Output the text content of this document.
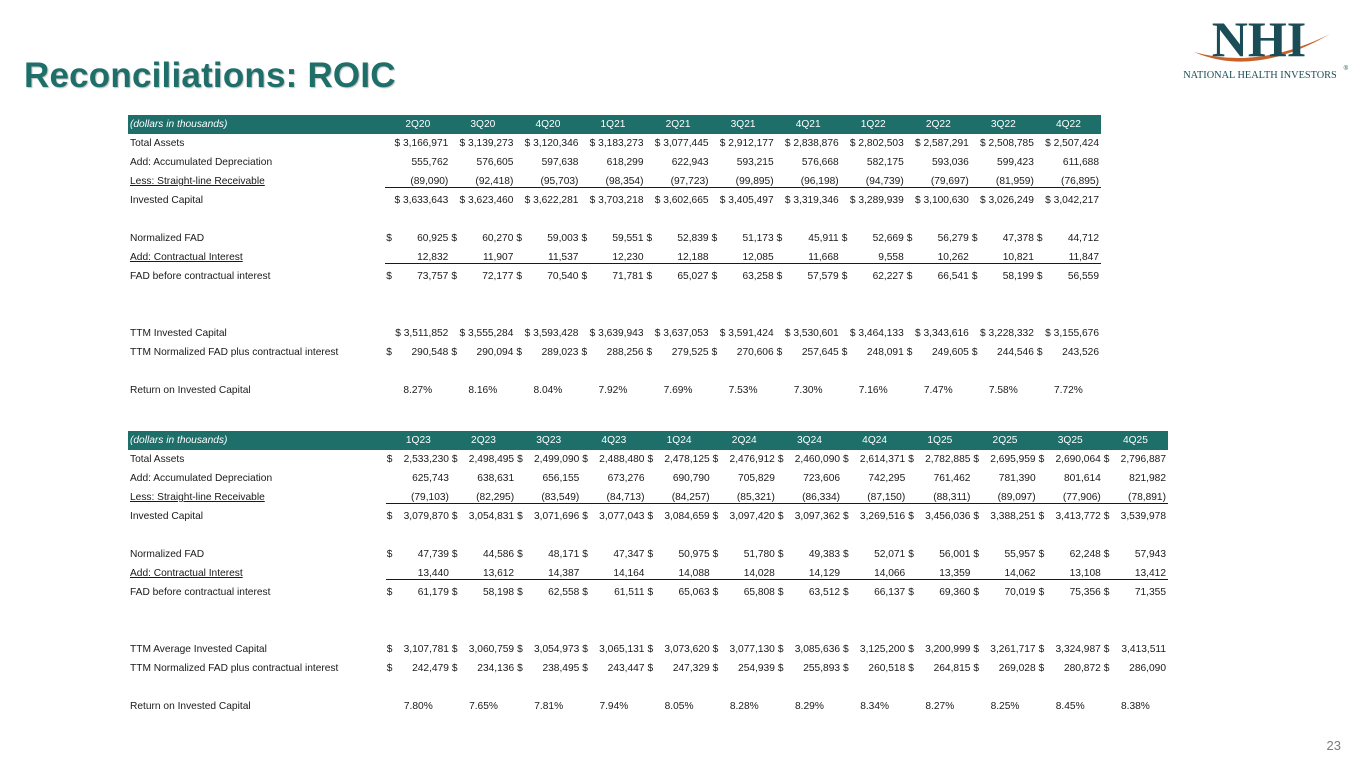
Reconciliations: ROIC
NHI
NATIONAL HEALTH INVESTORS
®
(dollars in thousands)	2Q20	3Q20	4Q20	1Q21	2Q21	3Q21	4Q21	1Q22	2Q22	3Q22	4Q22
Total Assets	$ 3,166,971	$ 3,139,273	$ 3,120,346	$ 3,183,273	$ 3,077,445	$ 2,912,177	$ 2,838,876	$ 2,802,503	$ 2,587,291	$ 2,508,785	$ 2,507,424

Add: Accumulated Depreciation	555,762	576,605	597,638	618,299	622,943	593,215	576,668	582,175	593,036	599,423	611,688

Less: Straight-line Receivable	(89,090)	(92,418)	(95,703)	(98,354)	(97,723)	(99,895)	(96,198)	(94,739)	(79,697)	(81,959)	(76,895)

Invested Capital	$ 3,633,643	$ 3,623,460	$ 3,622,281	$ 3,703,218	$ 3,602,665	$ 3,405,497	$ 3,319,346	$ 3,289,939	$ 3,100,630	$ 3,026,249	$ 3,042,217

Normalized FAD	$ 60,925	$ 60,270	$ 59,003	$ 59,551	$ 52,839	$ 51,173	$ 45,911	$ 52,669	$ 56,279	$ 47,378	$ 44,712

Add: Contractual Interest	12,832	11,907	11,537	12,230	12,188	12,085	11,668	9,558	10,262	10,821	11,847

FAD before contractual interest	$ 73,757	$ 72,177	$ 70,540	$ 71,781	$ 65,027	$ 63,258	$ 57,579	$ 62,227	$ 66,541	$ 58,199	$ 56,559

TTM Invested Capital	$ 3,511,852	$ 3,555,284	$ 3,593,428	$ 3,639,943	$ 3,637,053	$ 3,591,424	$ 3,530,601	$ 3,464,133	$ 3,343,616	$ 3,228,332	$ 3,155,676

TTM Normalized FAD plus contractual interest	$ 290,548	$ 290,094	$ 289,023	$ 288,256	$ 279,525	$ 270,606	$ 257,645	$ 248,091	$ 249,605	$ 244,546	$ 243,526

Return on Invested Capital	8.27%	8.16%	8.04%	7.92%	7.69%	7.53%	7.30%	7.16%	7.47%	7.58%	7.72%
(dollars in thousands)	1Q23	2Q23	3Q23	4Q23	1Q24	2Q24	3Q24	4Q24	1Q25	2Q25	3Q25	4Q25
Total Assets	$ 2,533,230	$ 2,498,495	$ 2,499,090	$ 2,488,480	$ 2,478,125	$ 2,476,912	$ 2,460,090	$ 2,614,371	$ 2,782,885	$ 2,695,959	$ 2,690,064	$ 2,796,887

Add: Accumulated Depreciation	625,743	638,631	656,155	673,276	690,790	705,829	723,606	742,295	761,462	781,390	801,614	821,982

Less: Straight-line Receivable	(79,103)	(82,295)	(83,549)	(84,713)	(84,257)	(85,321)	(86,334)	(87,150)	(88,311)	(89,097)	(77,906)	(78,891)

Invested Capital	$ 3,079,870	$ 3,054,831	$ 3,071,696	$ 3,077,043	$ 3,084,659	$ 3,097,420	$ 3,097,362	$ 3,269,516	$ 3,456,036	$ 3,388,251	$ 3,413,772	$ 3,539,978

Normalized FAD	$ 47,739	$ 44,586	$ 48,171	$ 47,347	$ 50,975	$ 51,780	$ 49,383	$ 52,071	$ 56,001	$ 55,957	$ 62,248	$ 57,943

Add: Contractual Interest	13,440	13,612	14,387	14,164	14,088	14,028	14,129	14,066	13,359	14,062	13,108	13,412

FAD before contractual interest	$ 61,179	$ 58,198	$ 62,558	$ 61,511	$ 65,063	$ 65,808	$ 63,512	$ 66,137	$ 69,360	$ 70,019	$ 75,356	$ 71,355

TTM Average Invested Capital	$ 3,107,781	$ 3,060,759	$ 3,054,973	$ 3,065,131	$ 3,073,620	$ 3,077,130	$ 3,085,636	$ 3,125,200	$ 3,200,999	$ 3,261,717	$ 3,324,987	$ 3,413,511

TTM Normalized FAD plus contractual interest	$ 242,479	$ 234,136	$ 238,495	$ 243,447	$ 247,329	$ 254,939	$ 255,893	$ 260,518	$ 264,815	$ 269,028	$ 280,872	$ 286,090

Return on Invested Capital	7.80%	7.65%	7.81%	7.94%	8.05%	8.28%	8.29%	8.34%	8.27%	8.25%	8.45%	8.38%
23
